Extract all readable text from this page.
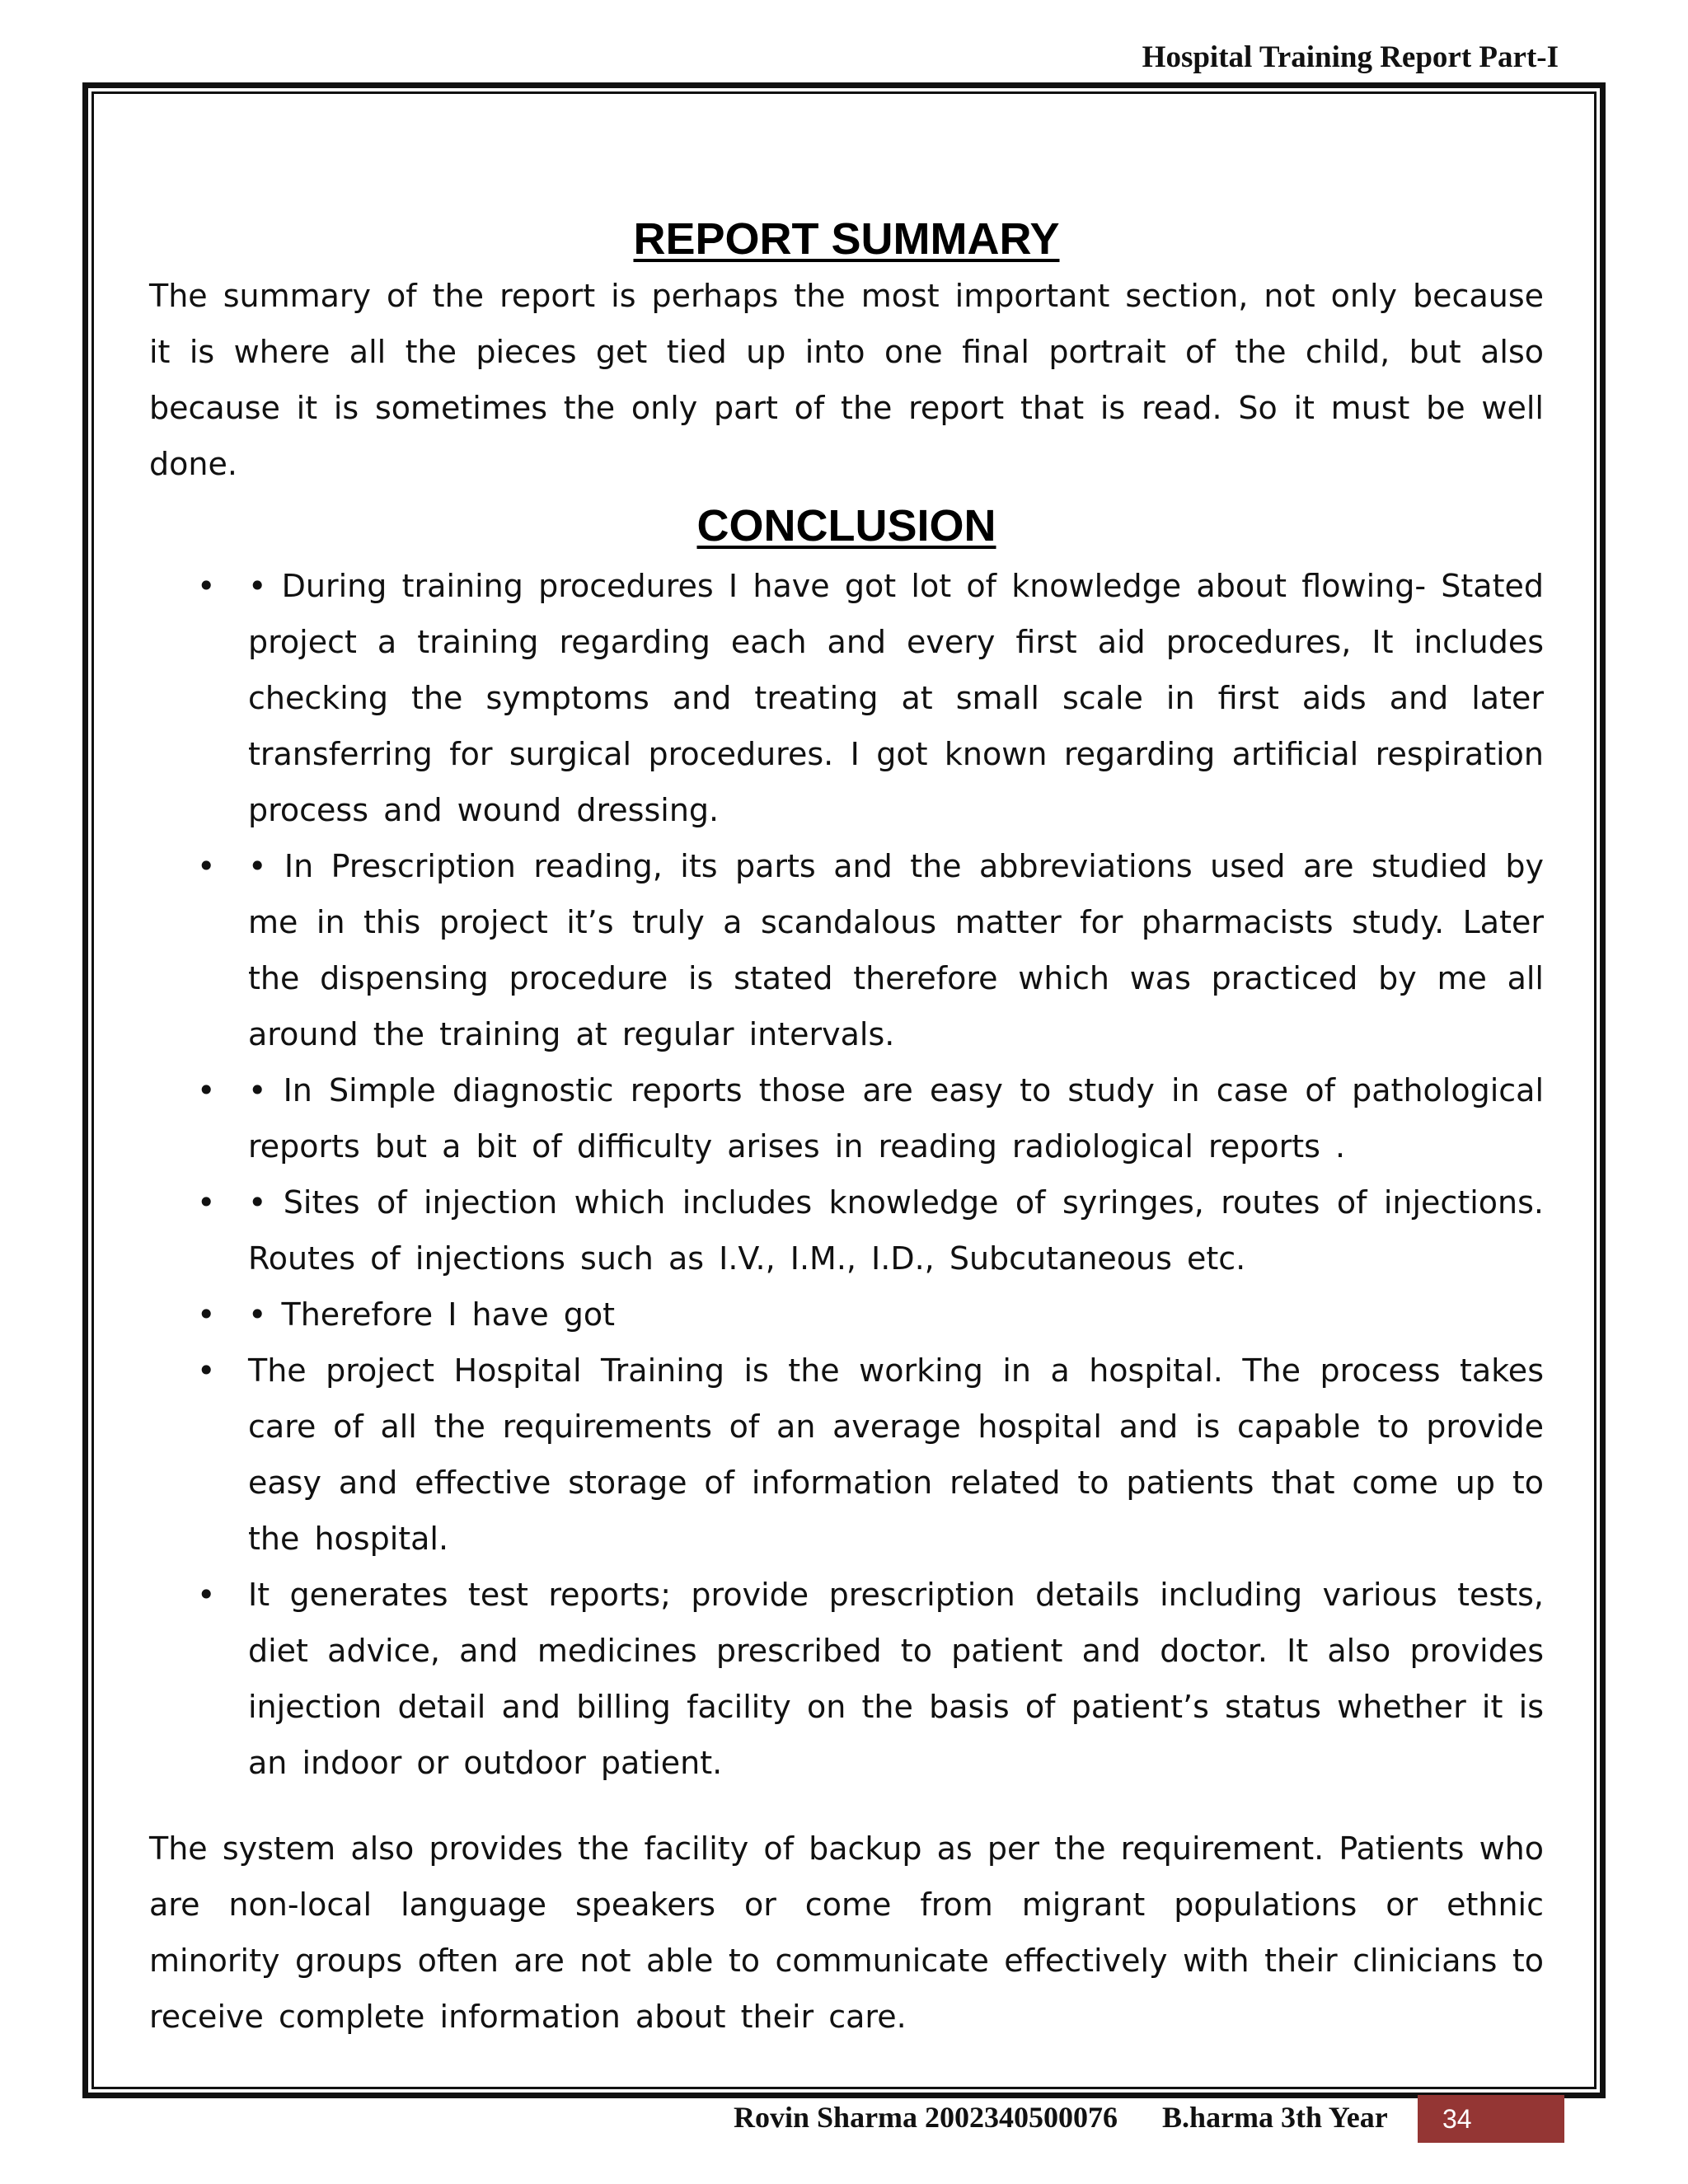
Hospital Training Report Part-I
REPORT SUMMARY

The summary of the report is perhaps the most important section, not only because it is where all the pieces get tied up into one final portrait of the child, but also because it is sometimes the only part of the report that is read. So it must be well done.

CONCLUSION
• • During training procedures I have got lot of knowledge about flowing- Stated project a training regarding each and every first aid procedures, It includes checking the symptoms and treating at small scale in first aids and later transferring for surgical procedures. I got known regarding artificial respiration process and wound dressing.
• • In Prescription reading, its parts and the abbreviations used are studied by me in this project it’s truly a scandalous matter for pharmacists study. Later the dispensing procedure is stated therefore which was practiced by me all around the training at regular intervals.
• • In Simple diagnostic reports those are easy to study in case of pathological reports but a bit of difficulty arises in reading radiological reports .
• • Sites of injection which includes knowledge of syringes, routes of injections. Routes of injections such as I.V., I.M., I.D., Subcutaneous etc.
• • Therefore I have got
• The project Hospital Training is the working in a hospital. The process takes care of all the requirements of an average hospital and is capable to provide easy and effective storage of information related to patients that come up to the hospital.
• It generates test reports; provide prescription details including various tests, diet advice, and medicines prescribed to patient and doctor. It also provides injection detail and billing facility on the basis of patient’s status whether it is an indoor or outdoor patient.

The system also provides the facility of backup as per the requirement. Patients who are non-local language speakers or come from migrant populations or ethnic minority groups often are not able to communicate effectively with their clinicians to receive complete information about their care.

Rovin Sharma 2002340500076 B.harma 3th Year	34
